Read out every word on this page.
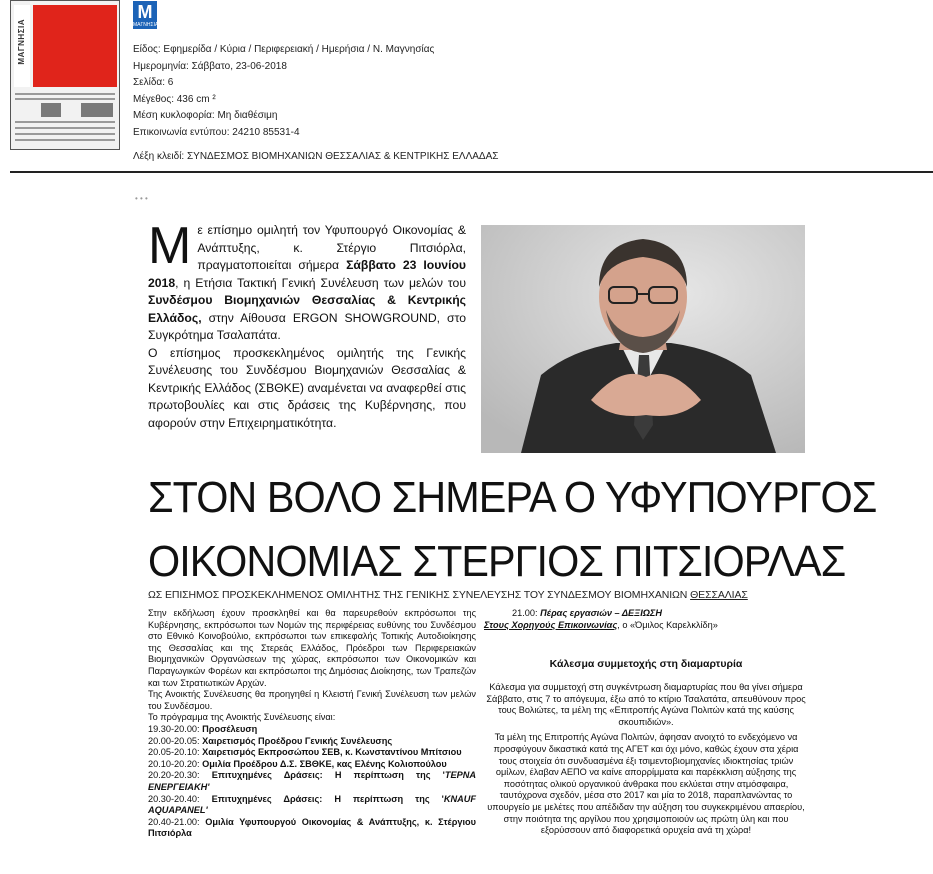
ΜΑΓΝΗΣΙΑ
M
ΜΑΓΝΗΣΙΑ
Είδος: Εφημερίδα / Κύρια / Περιφερειακή / Ημερήσια / Ν. Μαγνησίας
Ημερομηνία: Σάββατο, 23-06-2018
Σελίδα: 6
Μέγεθος: 436 cm ²
Μέση κυκλοφορία: Μη διαθέσιμη
Επικοινωνία εντύπου: 24210 85531-4
Λέξη κλειδί: ΣΥΝΔΕΣΜΟΣ ΒΙΟΜΗΧΑΝΙΩΝ ΘΕΣΣΑΛΙΑΣ & ΚΕΝΤΡΙΚΗΣ ΕΛΛΑΔΑΣ
• • •
Μ ε επίσημο ομιλητή τον Υφυπουργό Οικονομίας & Ανάπτυξης, κ. Στέργιο Πιτσιόρλα, πραγματοποιείται σήμερα Σάββατο 23 Ιουνίου 2018, η Ετήσια Τακτική Γενική Συνέλευση των μελών του Συνδέσμου Βιομηχανιών Θεσσαλίας & Κεντρικής Ελλάδος, στην Αίθουσα ERGON SHOWGROUND, στο Συγκρότημα Τσαλαπάτα.

Ο επίσημος προσκεκλημένος ομιλητής της Γενικής Συνέλευσης του Συνδέσμου Βιομηχανιών Θεσσαλίας & Κεντρικής Ελλάδος (ΣΒΘΚΕ) αναμένεται να αναφερθεί στις πρωτοβουλίες και στις δράσεις της Κυβέρνησης, που αφορούν στην Επιχειρηματικότητα.

ΣΤΟΝ ΒΟΛΟ ΣΗΜΕΡΑ Ο ΥΦΥΠΟΥΡΓΟΣ
ΟΙΚΟΝΟΜΙΑΣ ΣΤΕΡΓΙΟΣ ΠΙΤΣΙΟΡΛΑΣ
ΩΣ ΕΠΙΣΗΜΟΣ ΠΡΟΣΚΕΚΛΗΜΕΝΟΣ ΟΜΙΛΗΤΗΣ ΤΗΣ ΓΕΝΙΚΗΣ ΣΥΝΕΛΕΥΣΗΣ ΤΟΥ ΣΥΝΔΕΣΜΟΥ ΒΙΟΜΗΧΑΝΙΩΝ ΘΕΣΣΑΛΙΑΣ

Στην εκδήλωση έχουν προσκληθεί και θα παρευρεθούν εκπρόσωποι της Κυβέρνησης, εκπρόσωποι των Νομών της περιφέρειας ευθύνης του Συνδέσμου στο Εθνικό Κοινοβούλιο, εκπρόσωποι των επικεφαλής Τοπικής Αυτοδιοίκησης της Θεσσαλίας και της Στερεάς Ελλάδος, Πρόεδροι των Περιφερειακών Βιομηχανικών Οργανώσεων της χώρας, εκπρόσωποι των Οικονομικών και Παραγωγικών Φορέων και εκπρόσωποι της Δημόσιας Διοίκησης, των Τραπεζών και των Στρατιωτικών Αρχών.

Της Ανοικτής Συνέλευσης θα προηγηθεί η Κλειστή Γενική Συνέλευση των μελών του Συνδέσμου.

Το πρόγραμμα της Ανοικτής Συνέλευσης είναι:

19.30-20.00: Προσέλευση
20.00-20.05: Χαιρετισμός Προέδρου Γενικής Συνέλευσης
20.05-20.10: Χαιρετισμός Εκπροσώπου ΣΕΒ, κ. Κωνσταντίνου Μπίτσιου
20.10-20.20: Ομιλία Προέδρου Δ.Σ. ΣΒΘΚΕ, κας Ελένης Κολιοπούλου
20.20-20.30: Επιτυχημένες Δράσεις: Η περίπτωση της 'ΤΕΡΝΑ ΕΝΕΡΓΕΙΑΚΗ'
20.30-20.40: Επιτυχημένες Δράσεις: Η περίπτωση της 'KNAUF AQUAPANEL'
20.40-21.00: Ομιλία Υφυπουργού Οικονομίας & Ανάπτυξης, κ. Στέργιου Πιτσιόρλα
21.00: Πέρας εργασιών – ΔΕΞΙΩΣΗ
Στους Χορηγούς Επικοινωνίας, ο «Όμιλος Καρελκλίδη»
Κάλεσμα συμμετοχής στη διαμαρτυρία

Κάλεσμα για συμμετοχή στη συγκέντρωση διαμαρτυρίας που θα γίνει σήμερα Σάββατο, στις 7 το απόγευμα, έξω από το κτίριο Τσαλατάτα, απευθύνουν προς τους Βολιώτες, τα μέλη της «Επιτροπής Αγώνα Πολιτών κατά της καύσης σκουπιδιών».

Τα μέλη της Επιτροπής Αγώνα Πολιτών, άφησαν ανοιχτό το ενδεχόμενο να προσφύγουν δικαστικά κατά της ΑΓΕΤ και όχι μόνο, καθώς έχουν στα χέρια τους στοιχεία ότι συνδυασμένα έξι τσιμεντοβιομηχανίες ιδιοκτησίας τριών ομίλων, έλαβαν ΑΕΠΟ να καίνε απορρίμματα και παρέκκλιση αύξησης της ποσότητας ολικού οργανικού άνθρακα που εκλύεται στην ατμόσφαιρα, ταυτόχρονα σχεδόν, μέσα στο 2017 και μία το 2018, παραπλανώντας το υπουργείο με μελέτες που απέδιδαν την αύξηση του συγκεκριμένου απαερίου, στην ποιότητα της αργίλου που χρησιμοποιούν ως πρώτη ύλη και που εξορύσσουν από διαφορετικά ορυχεία ανά τη χώρα!
